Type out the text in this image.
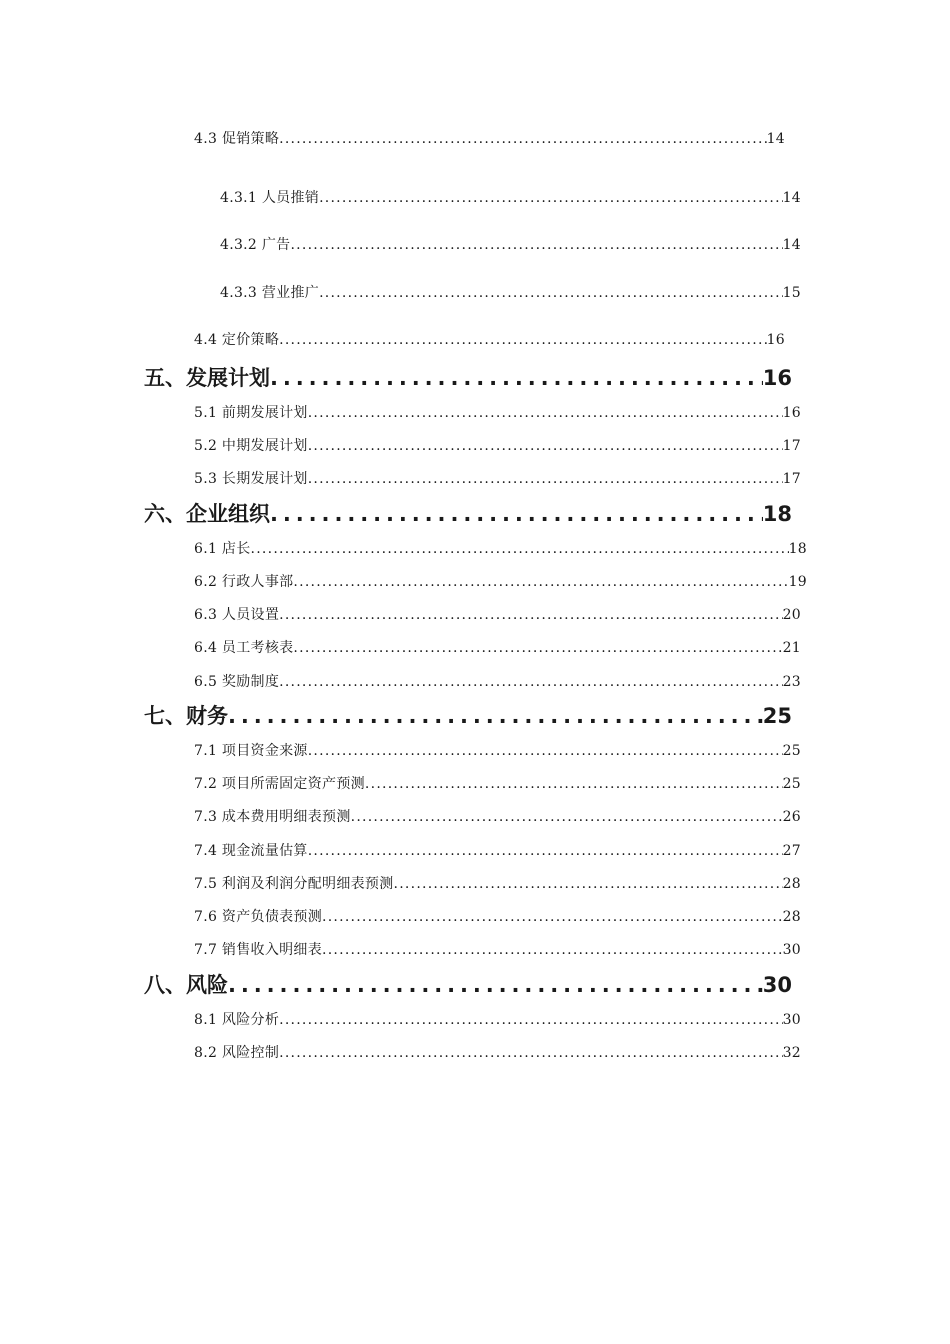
4.3 促销策略 . . .	14
4.3.1 人员推销 . . .	14
4.3.2 广告 . . .	14
4.3.3 营业推广 . . .	15
4.4 定价策略 . . .	16
五、发展计划 . . .	16
5.1 前期发展计划 . . .	16
5.2 中期发展计划 . . .	17
5.3 长期发展计划 . . .	17
六、企业组织 . . .	18
6.1 店长 . . .	18
6.2 行政人事部 . . .	19
6.3 人员设置 . . .	20
6.4 员工考核表 . . .	21
6.5 奖励制度 . . .	23
七、财务 . . .	25
7.1 项目资金来源 . . .	25
7.2 项目所需固定资产预测 . . .	25
7.3 成本费用明细表预测 . . .	26
7.4 现金流量估算 . . .	27
7.5 利润及利润分配明细表预测 . . .	28
7.6 资产负债表预测 . . .	28
7.7 销售收入明细表 . . .	30
八、风险 . . .	30
8.1 风险分析 . . .	30
8.2 风险控制 . . .	32
